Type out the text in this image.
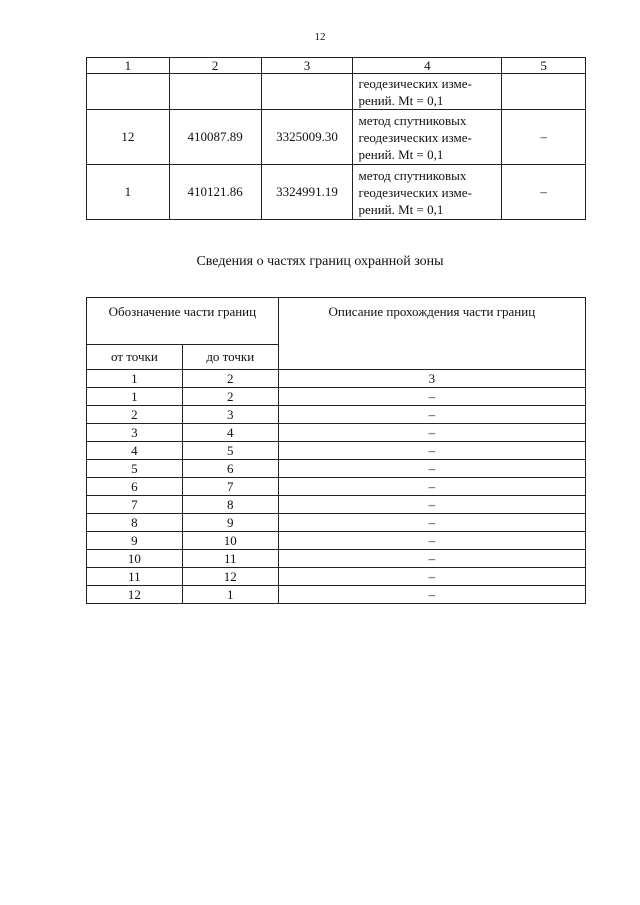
12
1	2	3	4	5

			геодезических изме-
рений. Mt = 0,1	

12	410087.89	3325009.30	метод спутниковых
геодезических изме-
рений. Mt = 0,1	–
1	410121.86	3324991.19	метод спутниковых
геодезических изме-
рений. Mt = 0,1	–
Сведения о частях границ охранной зоны
Обозначение части границ		Описание прохождения части границ
от точки	до точки	
1	2	3
1	2	–
2	3	–
3	4	–
4	5	–
5	6	–
6	7	–
7	8	–
8	9	–
9	10	–
10	11	–
11	12	–
12	1	–
